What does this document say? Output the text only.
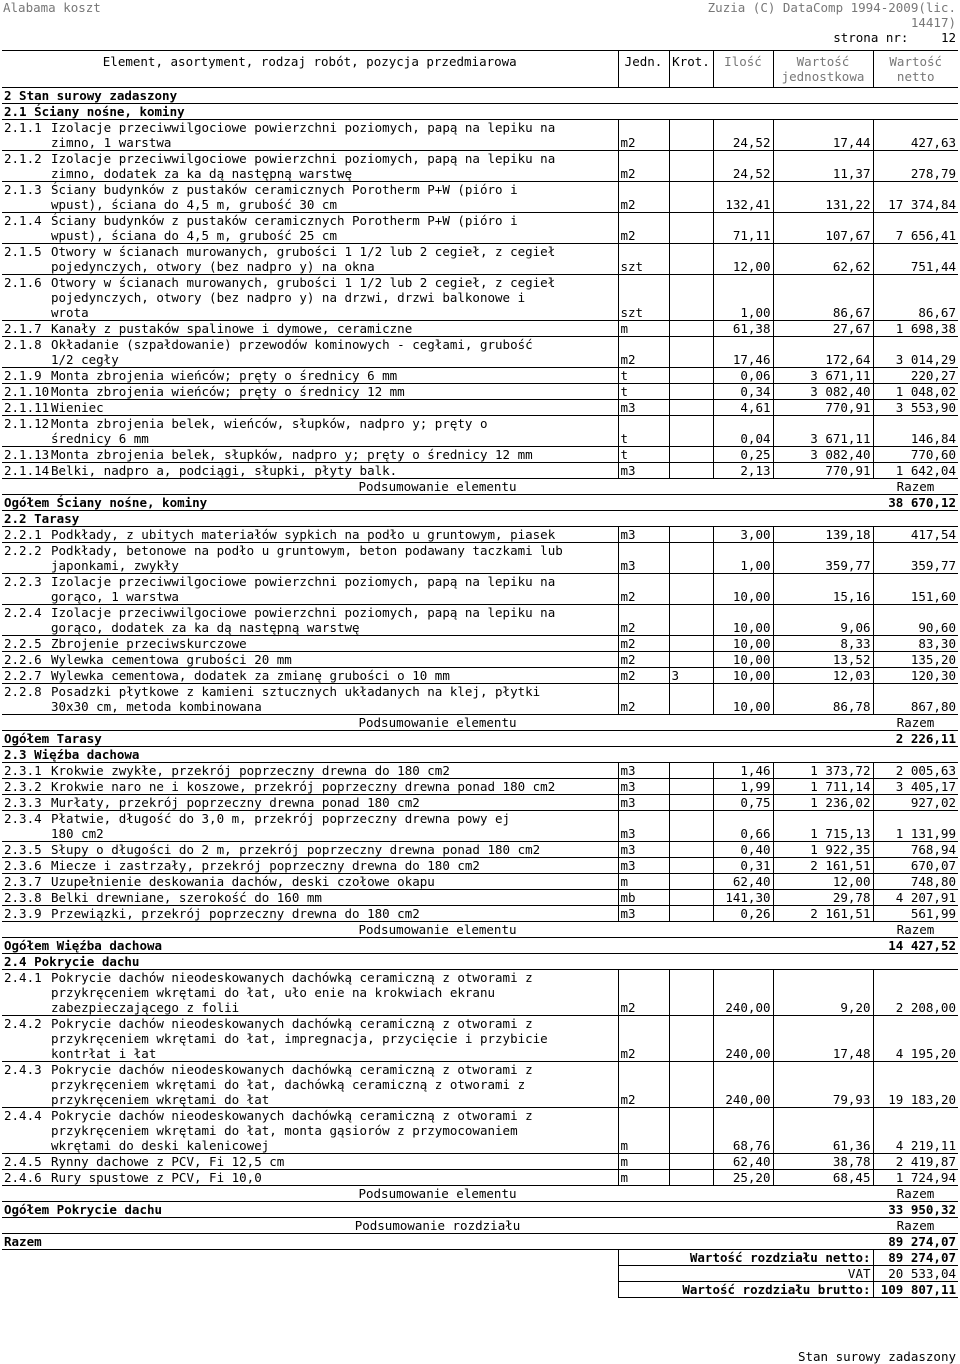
Alabama koszt	Zuzia (C) DataComp 1994-2009(lic.
14417)
strona nr:	12
Element, asortyment, rodzaj robót, pozycja przedmiarowa	Jedn.	Krot.	Ilość	Wartość jednostkowa	Wartość netto
2 Stan surowy zadaszony					
2.1 Ściany nośne, kominy					
2.1.1 Izolacje przeciwwilgociowe powierzchni poziomych, papą na lepiku na
zimno, 1 warstwa	m2		24,52	17,44	427,63
2.1.2 Izolacje przeciwwilgociowe powierzchni poziomych, papą na lepiku na
zimno, dodatek za ka dą następną warstwę	m2		24,52	11,37	278,79
2.1.3 Ściany budynków z pustaków ceramicznych Porotherm P+W (pióro i
wpust), ściana do 4,5 m, grubość 30 cm	m2		132,41	131,22	17 374,84
2.1.4 Ściany budynków z pustaków ceramicznych Porotherm P+W (pióro i
wpust), ściana do 4,5 m, grubość 25 cm	m2		71,11	107,67	7 656,41
2.1.5 Otwory w ścianach murowanych, grubości 1 1/2 lub 2 cegieł, z cegieł
pojedynczych, otwory (bez nadpro y) na okna	szt		12,00	62,62	751,44
2.1.6 Otwory w ścianach murowanych, grubości 1 1/2 lub 2 cegieł, z cegieł
pojedynczych, otwory (bez nadpro y) na drzwi, drzwi balkonowe i
wrota	szt		1,00	86,67	86,67
2.1.7 Kanały z pustaków spalinowe i dymowe, ceramiczne	m		61,38	27,67	1 698,38
2.1.8 Okładanie (szpałdowanie) przewodów kominowych - cegłami, grubość
1/2 cegły	m2		17,46	172,64	3 014,29
2.1.9 Monta zbrojenia wieńców; pręty o średnicy 6 mm	t		0,06	3 671,11	220,27
2.1.10 Monta zbrojenia wieńców; pręty o średnicy 12 mm	t		0,34	3 082,40	1 048,02
2.1.11 Wieniec	m3		4,61	770,91	3 553,90
2.1.12 Monta zbrojenia belek, wieńców, słupków, nadpro y; pręty o
średnicy 6 mm	t		0,04	3 671,11	146,84
2.1.13 Monta zbrojenia belek, słupków, nadpro y; pręty o średnicy 12 mm	t		0,25	3 082,40	770,60
2.1.14 Belki, nadpro a, podciągi, słupki, płyty balk.	m3		2,13	770,91	1 642,04
Podsumowanie elementu					Razem
Ogółem Ściany nośne, kominy					38 670,12
2.2 Tarasy					
2.2.1 Podkłady, z ubitych materiałów sypkich na podło u gruntowym, piasek	m3		3,00	139,18	417,54
2.2.2 Podkłady, betonowe na podło u gruntowym, beton podawany taczkami lub
japonkami, zwykły	m3		1,00	359,77	359,77
2.2.3 Izolacje przeciwwilgociowe powierzchni poziomych, papą na lepiku na
gorąco, 1 warstwa	m2		10,00	15,16	151,60
2.2.4 Izolacje przeciwwilgociowe powierzchni poziomych, papą na lepiku na
gorąco, dodatek za ka dą następną warstwę	m2		10,00	9,06	90,60
2.2.5 Zbrojenie przeciwskurczowe	m2		10,00	8,33	83,30
2.2.6 Wylewka cementowa grubości 20 mm	m2		10,00	13,52	135,20
2.2.7 Wylewka cementowa, dodatek za zmianę grubości o 10 mm	m2	3	10,00	12,03	120,30
2.2.8 Posadzki płytkowe z kamieni sztucznych układanych na klej, płytki
30x30 cm, metoda kombinowana	m2		10,00	86,78	867,80
Podsumowanie elementu					Razem
Ogółem Tarasy					2 226,11
2.3 Więźba dachowa					
2.3.1 Krokwie zwykłe, przekrój poprzeczny drewna do 180 cm2	m3		1,46	1 373,72	2 005,63
2.3.2 Krokwie naro ne i koszowe, przekrój poprzeczny drewna ponad 180 cm2	m3		1,99	1 711,14	3 405,17
2.3.3 Murłaty, przekrój poprzeczny drewna ponad 180 cm2	m3		0,75	1 236,02	927,02
2.3.4 Płatwie, długość do 3,0 m, przekrój poprzeczny drewna powy ej
180 cm2	m3		0,66	1 715,13	1 131,99
2.3.5 Słupy o długości do 2 m, przekrój poprzeczny drewna ponad 180 cm2	m3		0,40	1 922,35	768,94
2.3.6 Miecze i zastrzały, przekrój poprzeczny drewna do 180 cm2	m3		0,31	2 161,51	670,07
2.3.7 Uzupełnienie deskowania dachów, deski czołowe okapu	m		62,40	12,00	748,80
2.3.8 Belki drewniane, szerokość do 160 mm	mb		141,30	29,78	4 207,91
2.3.9 Przewiązki, przekrój poprzeczny drewna do 180 cm2	m3		0,26	2 161,51	561,99
Podsumowanie elementu					Razem
Ogółem Więźba dachowa					14 427,52
2.4 Pokrycie dachu					
2.4.1 Pokrycie dachów nieodeskowanych dachówką ceramiczną z otworami z
przykręceniem wkrętami do łat, uło enie na krokwiach ekranu
zabezpieczającego z folii	m2		240,00	9,20	2 208,00
2.4.2 Pokrycie dachów nieodeskowanych dachówką ceramiczną z otworami z
przykręceniem wkrętami do łat, impregnacja, przycięcie i przybicie
kontrłat i łat	m2		240,00	17,48	4 195,20
2.4.3 Pokrycie dachów nieodeskowanych dachówką ceramiczną z otworami z
przykręceniem wkrętami do łat, dachówką ceramiczną z otworami z
przykręceniem wkrętami do łat	m2		240,00	79,93	19 183,20
2.4.4 Pokrycie dachów nieodeskowanych dachówką ceramiczną z otworami z
przykręceniem wkrętami do łat, monta gąsiorów z przymocowaniem
wkrętami do deski kalenicowej	m		68,76	61,36	4 219,11
2.4.5 Rynny dachowe z PCV, Fi 12,5 cm	m		62,40	38,78	2 419,87
2.4.6 Rury spustowe z PCV, Fi 10,0	m		25,20	68,45	1 724,94
Podsumowanie elementu					Razem
Ogółem Pokrycie dachu					33 950,32
Podsumowanie rozdziału					Razem
Razem					89 274,07
	Wartość rozdziału netto:				89 274,07
	VAT				20 533,04
	Wartość rozdziału brutto:				109 807,11
Stan surowy zadaszony
